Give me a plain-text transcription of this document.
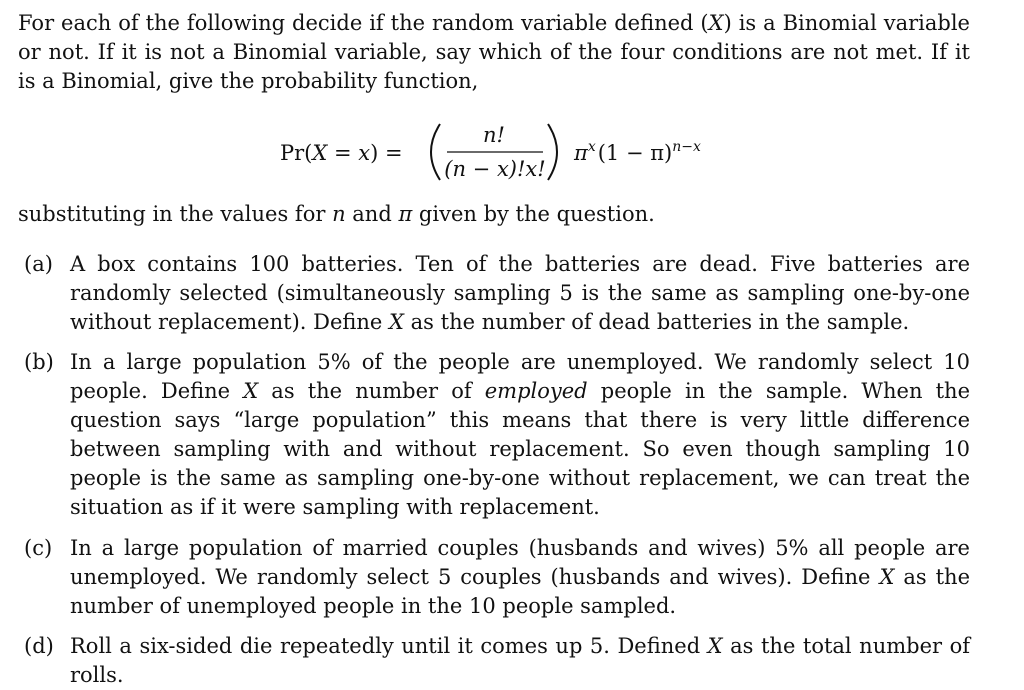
For each of the following decide if the random variable defined (X) is a Binomial variable or not. If it is not a Binomial variable, say which of the four conditions are not met. If it is a Binomial, give the probability function,

Pr(X = x) =
n!
(n − x)!x!
$\pi^x(1 - \pi)^{n-x}$

substituting in the values for n and π given by the question.

(a) A box contains 100 batteries. Ten of the batteries are dead. Five batteries are randomly selected (simultaneously sampling 5 is the same as sampling one-by-one without replacement). Define X as the number of dead batteries in the sample.
(b) In a large population 5% of the people are unemployed. We randomly select 10 people. Define X as the number of employed people in the sample. When the question says “large population” this means that there is very little difference between sampling with and without replacement. So even though sampling 10 people is the same as sampling one-by-one without replacement, we can treat the situation as if it were sampling with replacement.
(c) In a large population of married couples (husbands and wives) 5% all people are unemployed. We randomly select 5 couples (husbands and wives). Define X as the number of unemployed people in the 10 people sampled.
(d) Roll a six-sided die repeatedly until it comes up 5. Defined X as the total number of rolls.
